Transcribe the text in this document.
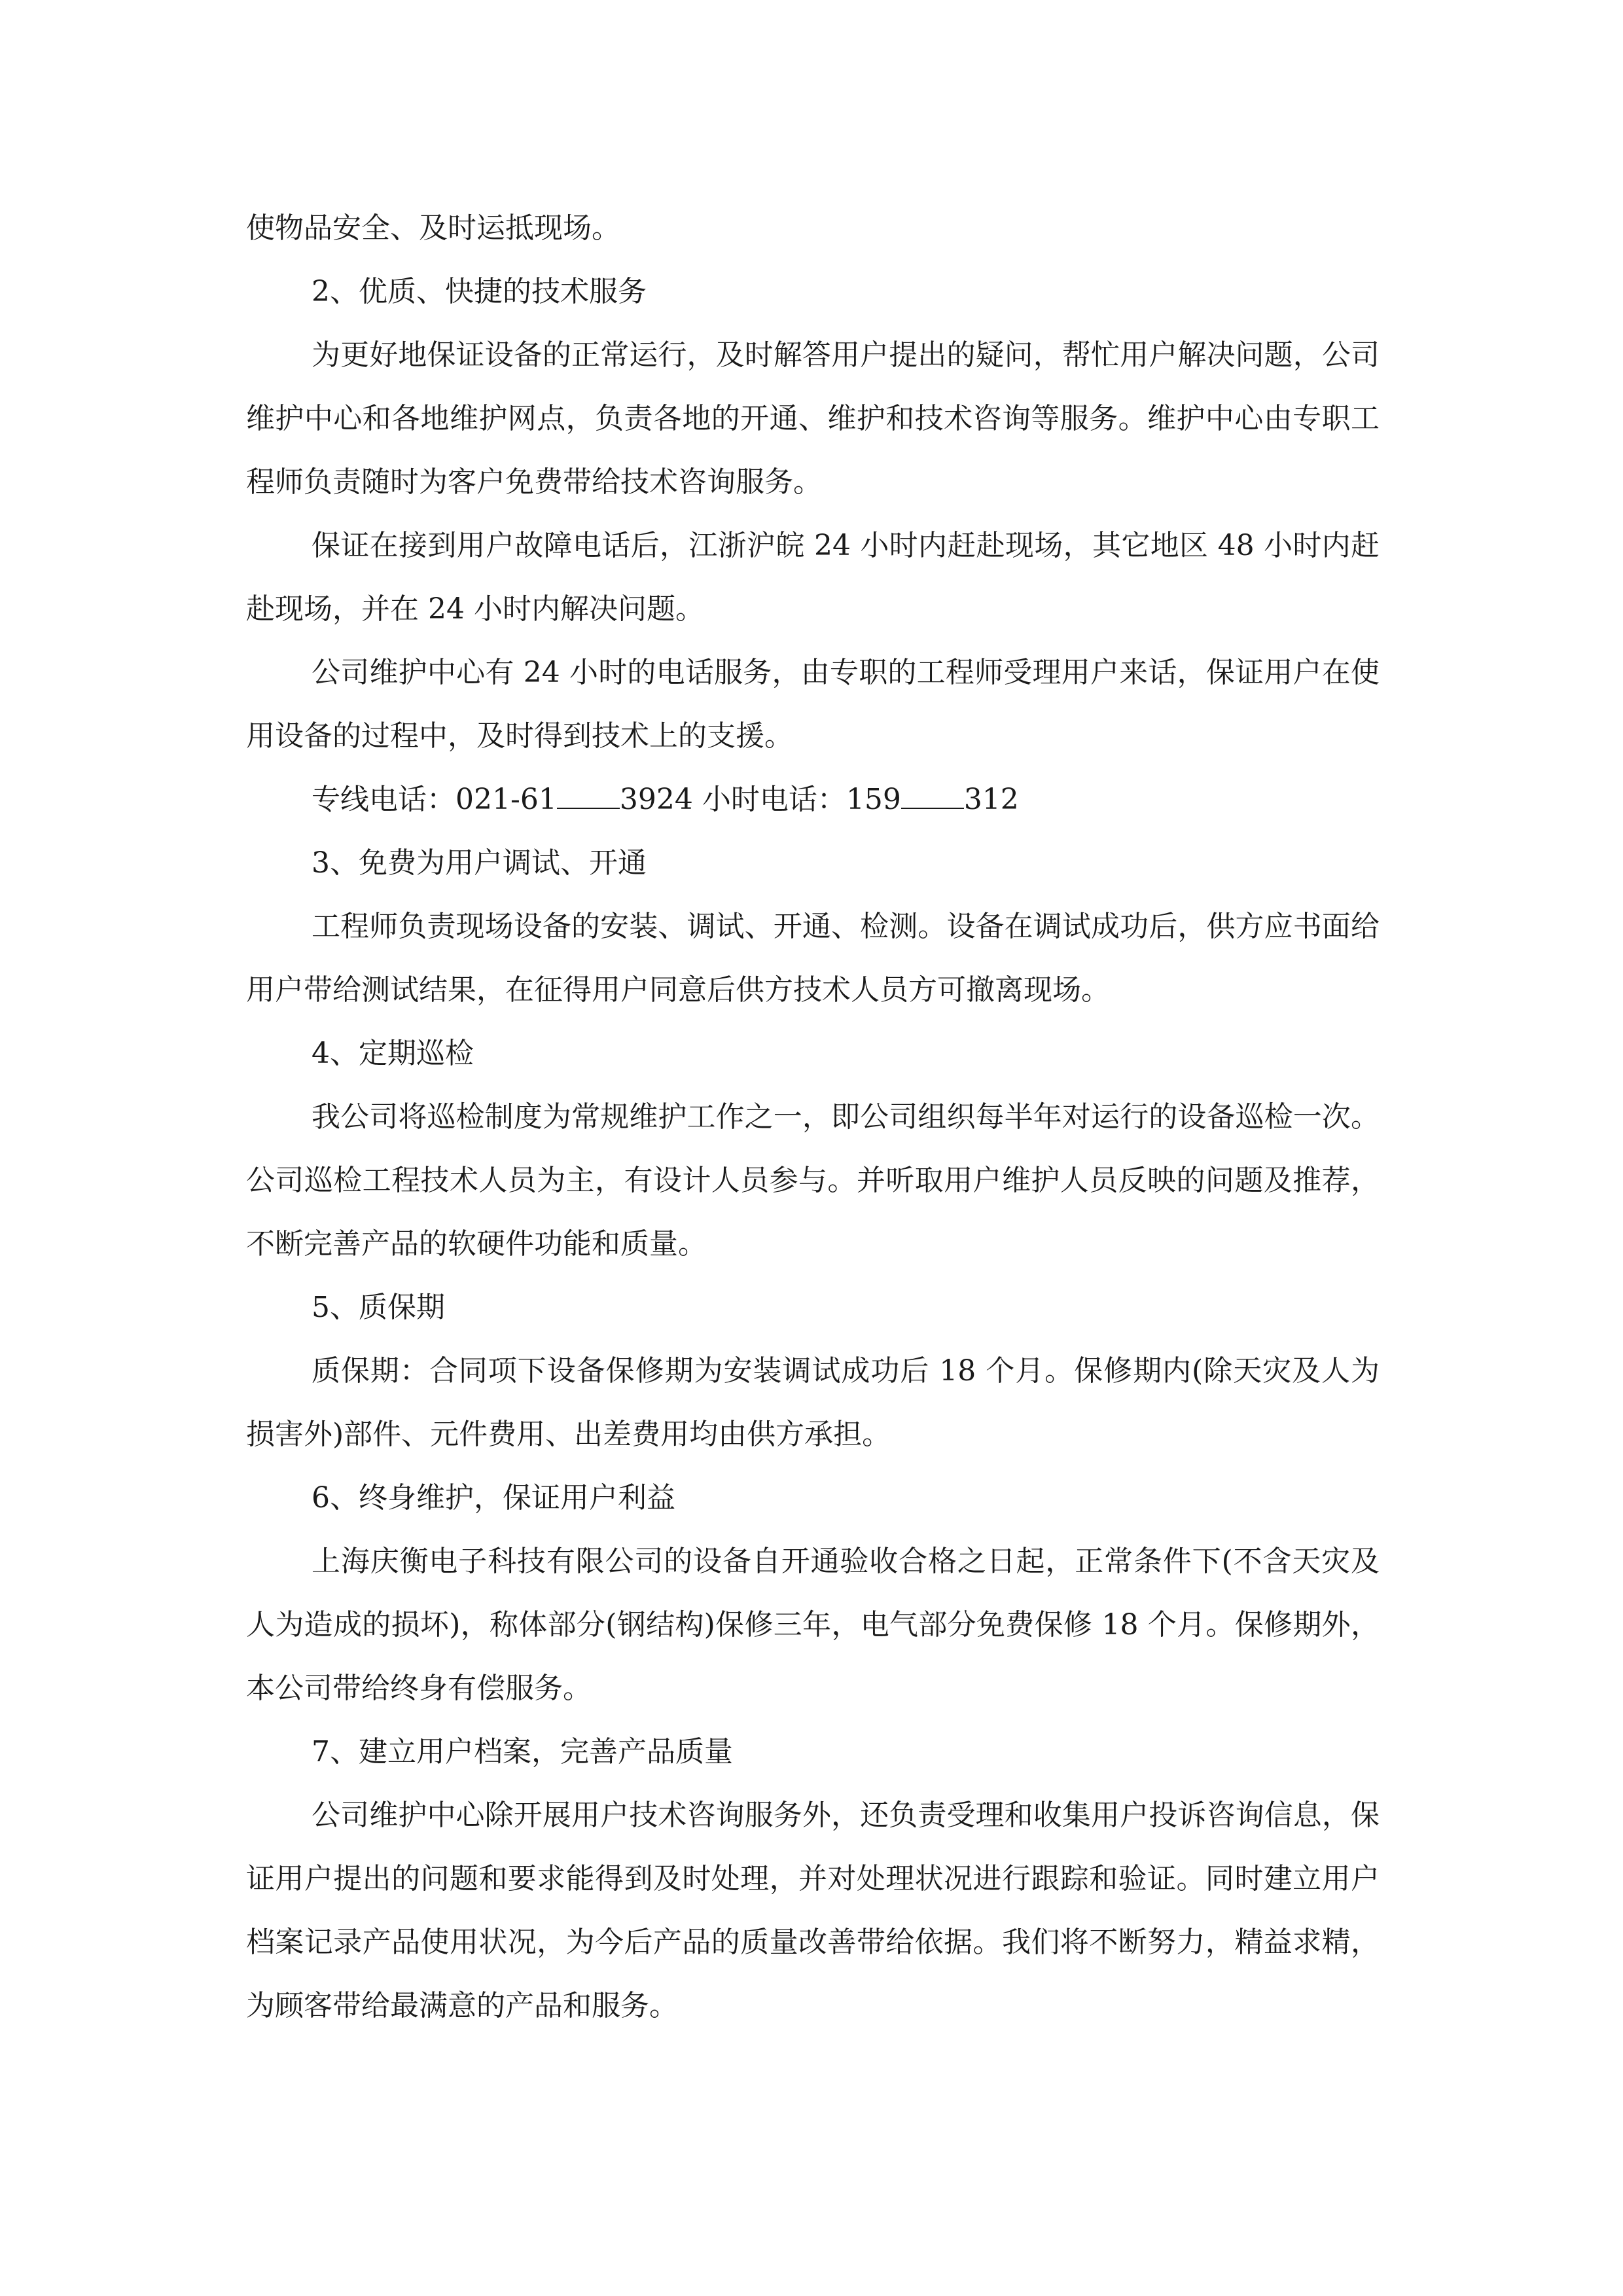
使物品安全、及时运抵现场。

2、优质、快捷的技术服务

为更好地保证设备的正常运行，及时解答用户提出的疑问，帮忙用户解决问题，公司维护中心和各地维护网点，负责各地的开通、维护和技术咨询等服务。维护中心由专职工程师负责随时为客户免费带给技术咨询服务。

保证在接到用户故障电话后，江浙沪皖 24 小时内赶赴现场，其它地区 48 小时内赶赴现场，并在 24 小时内解决问题。

公司维护中心有 24 小时的电话服务，由专职的工程师受理用户来话，保证用户在使用设备的过程中，及时得到技术上的支援。

专线电话：021-61 3924 小时电话：159 312

3、免费为用户调试、开通

工程师负责现场设备的安装、调试、开通、检测。设备在调试成功后，供方应书面给用户带给测试结果，在征得用户同意后供方技术人员方可撤离现场。

4、定期巡检

我公司将巡检制度为常规维护工作之一，即公司组织每半年对运行的设备巡检一次。公司巡检工程技术人员为主，有设计人员参与。并听取用户维护人员反映的问题及推荐，不断完善产品的软硬件功能和质量。

5、质保期

质保期：合同项下设备保修期为安装调试成功后 18 个月。保修期内(除天灾及人为损害外)部件、元件费用、出差费用均由供方承担。

6、终身维护，保证用户利益

上海庆衡电子科技有限公司的设备自开通验收合格之日起，正常条件下(不含天灾及人为造成的损坏)，称体部分(钢结构)保修三年，电气部分免费保修 18 个月。保修期外，本公司带给终身有偿服务。

7、建立用户档案，完善产品质量

公司维护中心除开展用户技术咨询服务外，还负责受理和收集用户投诉咨询信息，保证用户提出的问题和要求能得到及时处理，并对处理状况进行跟踪和验证。同时建立用户档案记录产品使用状况，为今后产品的质量改善带给依据。我们将不断努力，精益求精，为顾客带给最满意的产品和服务。
